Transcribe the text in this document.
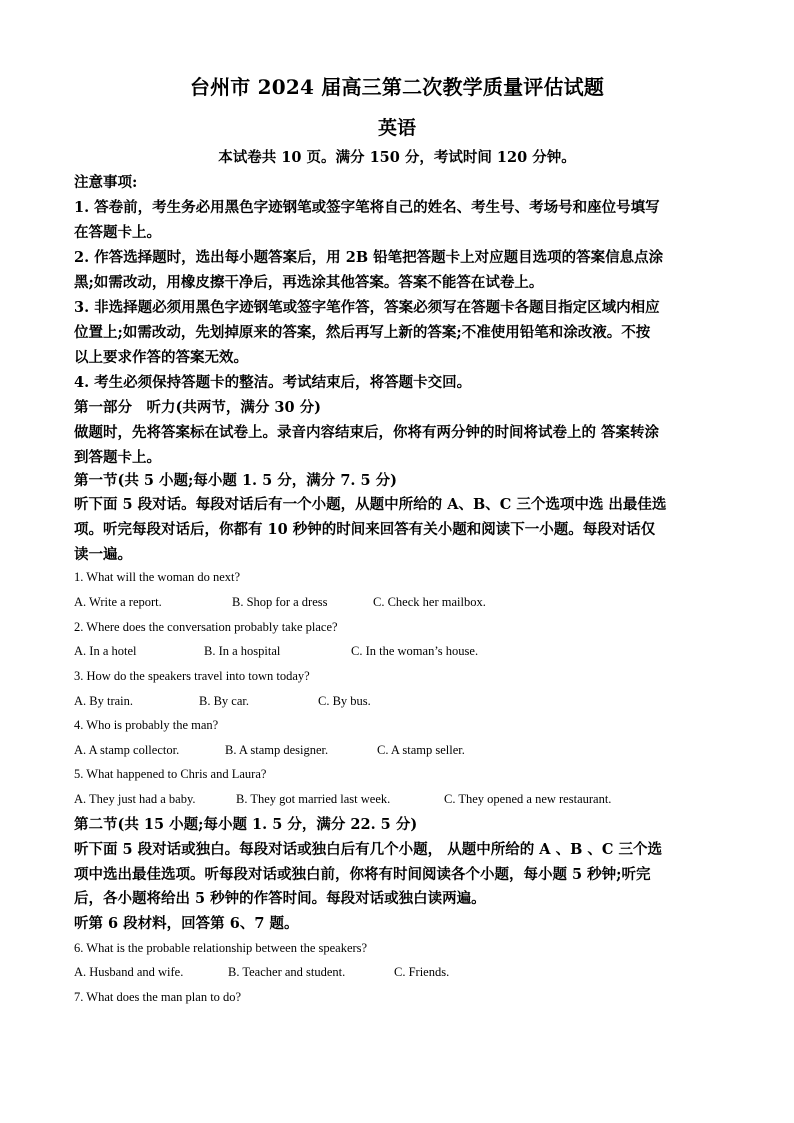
台州市 2024 届高三第二次教学质量评估试题
英语
本试卷共 10 页。满分 150 分，考试时间 120 分钟。
注意事项:
1. 答卷前，考生务必用黑色字迹钢笔或签字笔将自己的姓名、考生号、考场号和座位号填写
在答题卡上。
2. 作答选择题时，选出每小题答案后，用 2B 铅笔把答题卡上对应题目选项的答案信息点涂
黑;如需改动，用橡皮擦干净后，再选涂其他答案。答案不能答在试卷上。
3. 非选择题必须用黑色字迹钢笔或签字笔作答，答案必须写在答题卡各题目指定区域内相应
位置上;如需改动，先划掉原来的答案，然后再写上新的答案;不准使用铅笔和涂改液。不按
以上要求作答的答案无效。
4. 考生必须保持答题卡的整洁。考试结束后，将答题卡交回。
第一部分　听力(共两节，满分 30 分)
做题时，先将答案标在试卷上。录音内容结束后，你将有两分钟的时间将试卷上的 答案转涂
到答题卡上。
第一节(共 5 小题;每小题 1. 5 分，满分 7. 5 分)
听下面 5 段对话。每段对话后有一个小题，从题中所给的 A、B、C 三个选项中选 出最佳选
项。听完每段对话后，你都有 10 秒钟的时间来回答有关小题和阅读下一小题。每段对话仅
读一遍。
1. What will the woman do next?
A. Write a report.	B. Shop for a dress	C. Check her mailbox.
2. Where does the conversation probably take place?
A. In a hotel	B. In a hospital	C. In the woman’s house.
3. How do the speakers travel into town today?
A. By train.	B. By car.	C. By bus.
4. Who is probably the man?
A. A stamp collector.	B. A stamp designer.	C. A stamp seller.
5. What happened to Chris and Laura?
A. They just had a baby.	B. They got married last week.	C. They opened a new restaurant.
第二节(共 15 小题;每小题 1. 5 分，满分 22. 5 分)
听下面 5 段对话或独白。每段对话或独白后有几个小题， 从题中所给的 A 、B 、C 三个选
项中选出最佳选项。听每段对话或独白前，你将有时间阅读各个小题，每小题 5 秒钟;听完
后，各小题将给出 5 秒钟的作答时间。每段对话或独白读两遍。
听第 6 段材料，回答第 6、7 题。
6. What is the probable relationship between the speakers?
A. Husband and wife.	B. Teacher and student.	C. Friends.
7. What does the man plan to do?
